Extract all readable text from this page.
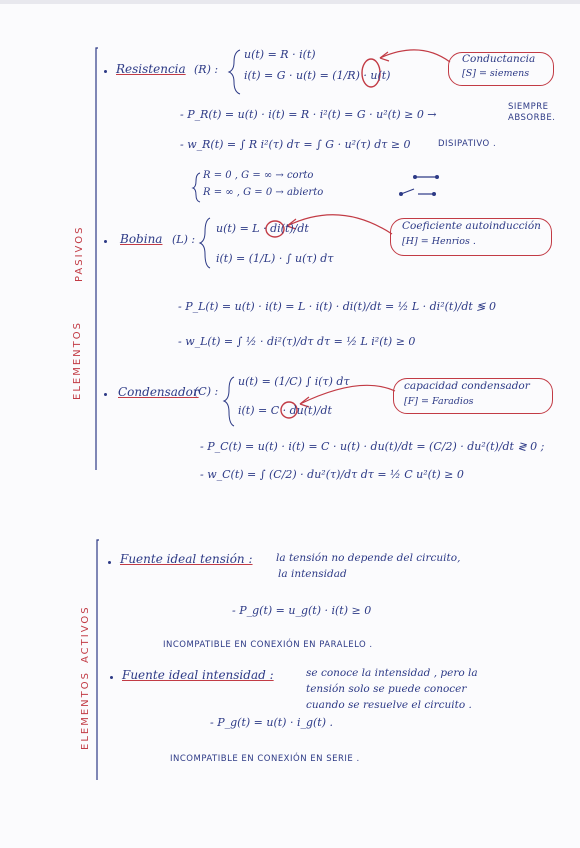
PASIVOS
ELEMENTOS
ACTIVOS
ELEMENTOS
Resistencia (R) :
u(t) = R · i(t)
i(t) = G · u(t) = (1/R) · u(t)
Conductancia
[S] = siemens
- P_R(t) = u(t) · i(t) = R · i²(t) = G · u²(t) ≥ 0 →
SIEMPRE
ABSORBE.
- w_R(t) = ∫ R i²(τ) dτ = ∫ G · u²(τ) dτ ≥ 0	DISIPATIVO .
R = 0 , G = ∞ → corto
R = ∞ , G = 0 → abierto
Bobina (L) :
u(t) = L · di(t)/dt
i(t) = (1/L) · ∫ u(τ) dτ
Coeficiente autoinducción
[H] = Henrios .
- P_L(t) = u(t) · i(t) = L · i(t) · di(t)/dt = ½ L · di²(t)/dt ≶ 0
- w_L(t) = ∫ ½ · di²(τ)/dτ dτ = ½ L i²(t) ≥ 0
Condensador
(C) :
u(t) = (1/C) ∫ i(τ) dτ
i(t) = C · du(t)/dt
capacidad condensador
[F] = Faradios
- P_C(t) = u(t) · i(t) = C · u(t) · du(t)/dt = (C/2) · du²(t)/dt ≷ 0 ;
- w_C(t) = ∫ (C/2) · du²(τ)/dτ dτ = ½ C u²(t) ≥ 0
Fuente ideal tensión : la tensión no depende del circuito,
la intensidad
- P_g(t) = u_g(t) · i(t) ≥ 0
INCOMPATIBLE EN CONEXIÓN EN PARALELO .
Fuente ideal intensidad :	se conoce la intensidad , pero la
tensión solo se puede conocer
cuando se resuelve el circuito .
- P_g(t) = u(t) · i_g(t) .
INCOMPATIBLE EN CONEXIÓN EN SERIE .
